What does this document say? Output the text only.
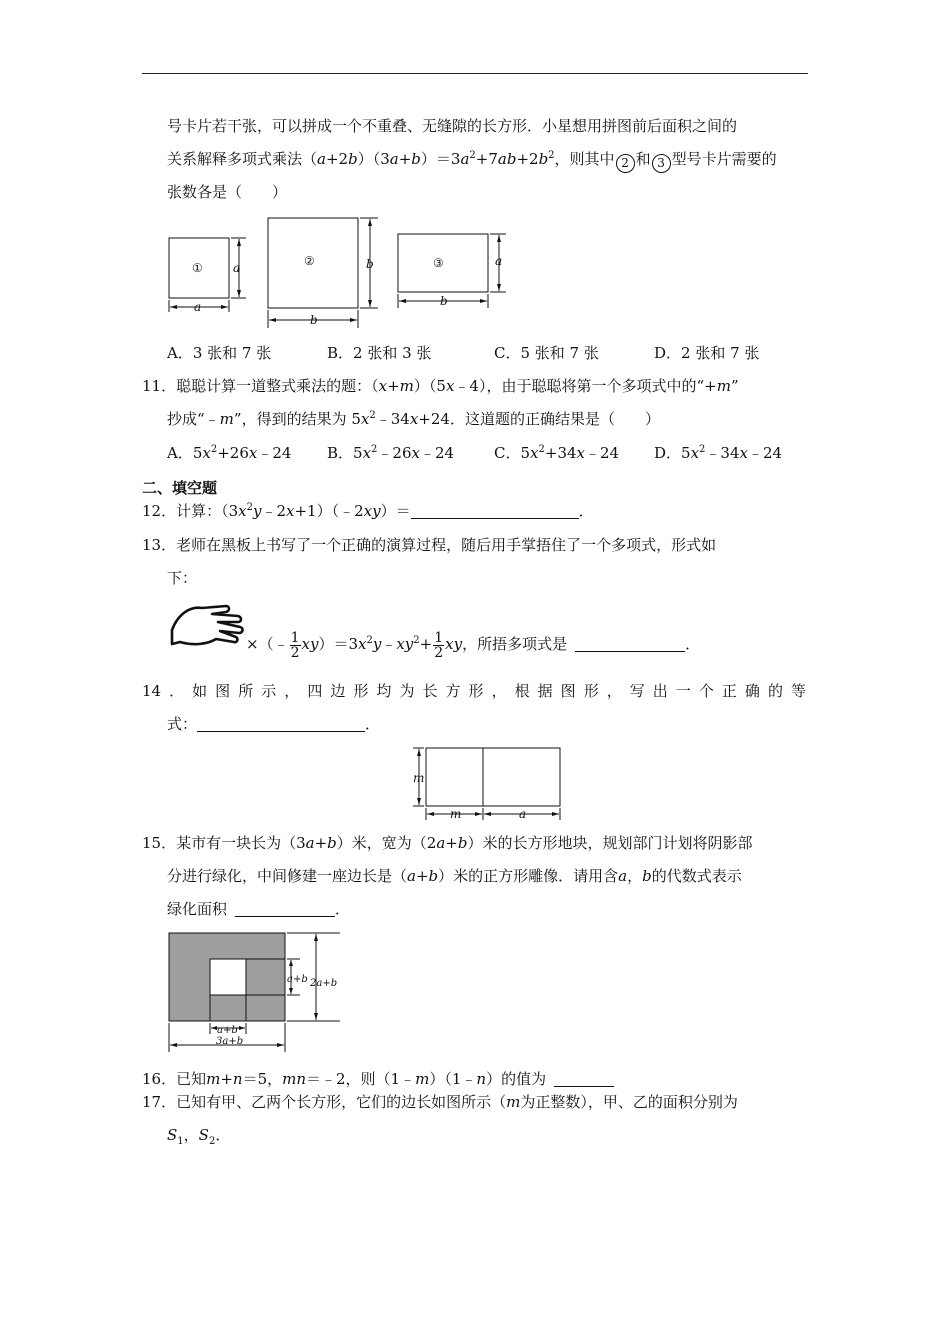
号卡片若干张，可以拼成一个不重叠、无缝隙的长方形．小星想用拼图前后面积之间的
关系解释多项式乘法$(a+2b)(3a+b)=3a^2+7ab+2b^2$，则其中 2 和 3 型号卡片需要的
张数各是（　　）
①	②	③
a
a
b
b
b
a
A．3 张和 7 张	B．2 张和 3 张	C．5 张和 7 张	D．2 张和 7 张
11．聪聪计算一道整式乘法的题：（x+m）（5x﹣4），由于聪聪将第一个多项式中的“+m”
抄成“﹣m”，得到的结果为 $5x^2﹣34x+24$．这道题的正确结果是（　　）
A．$5x^2+26x﹣24$ B．$5x^2﹣26x﹣24$	C．$5x^2+34x﹣24$ D．$5x^2﹣34x﹣24$
二、填空题
12．计算：$(3x^2y﹣2x+1)(﹣2xy)=$	．
13．老师在黑板上书写了一个正确的演算过程，随后用手掌捂住了一个多项式，形式如
下：
×（﹣ $\frac{1}{2}$ $xy)=3x^2y﹣xy^2+ \frac{1}{2}$ xy，所捂多项式是	．
14．如图所示，四边形均为长方形，根据图形，写出一个正确的等
式：	．
m
m	a
15．某市有一块长为（3a+b）米，宽为（2a+b）米的长方形地块，规划部门计划将阴影部
分进行绿化，中间修建一座边长是（a+b）米的正方形雕像．请用含a，b的代数式表示
绿化面积	．
a+b 2a+b
a+b
3a+b
16．已知m+n＝5，mn＝﹣2，则（1﹣m）（1﹣n）的值为
17．已知有甲、乙两个长方形，它们的边长如图所示（m为正整数），甲、乙的面积分别为
$S_1$，$S_2$．
